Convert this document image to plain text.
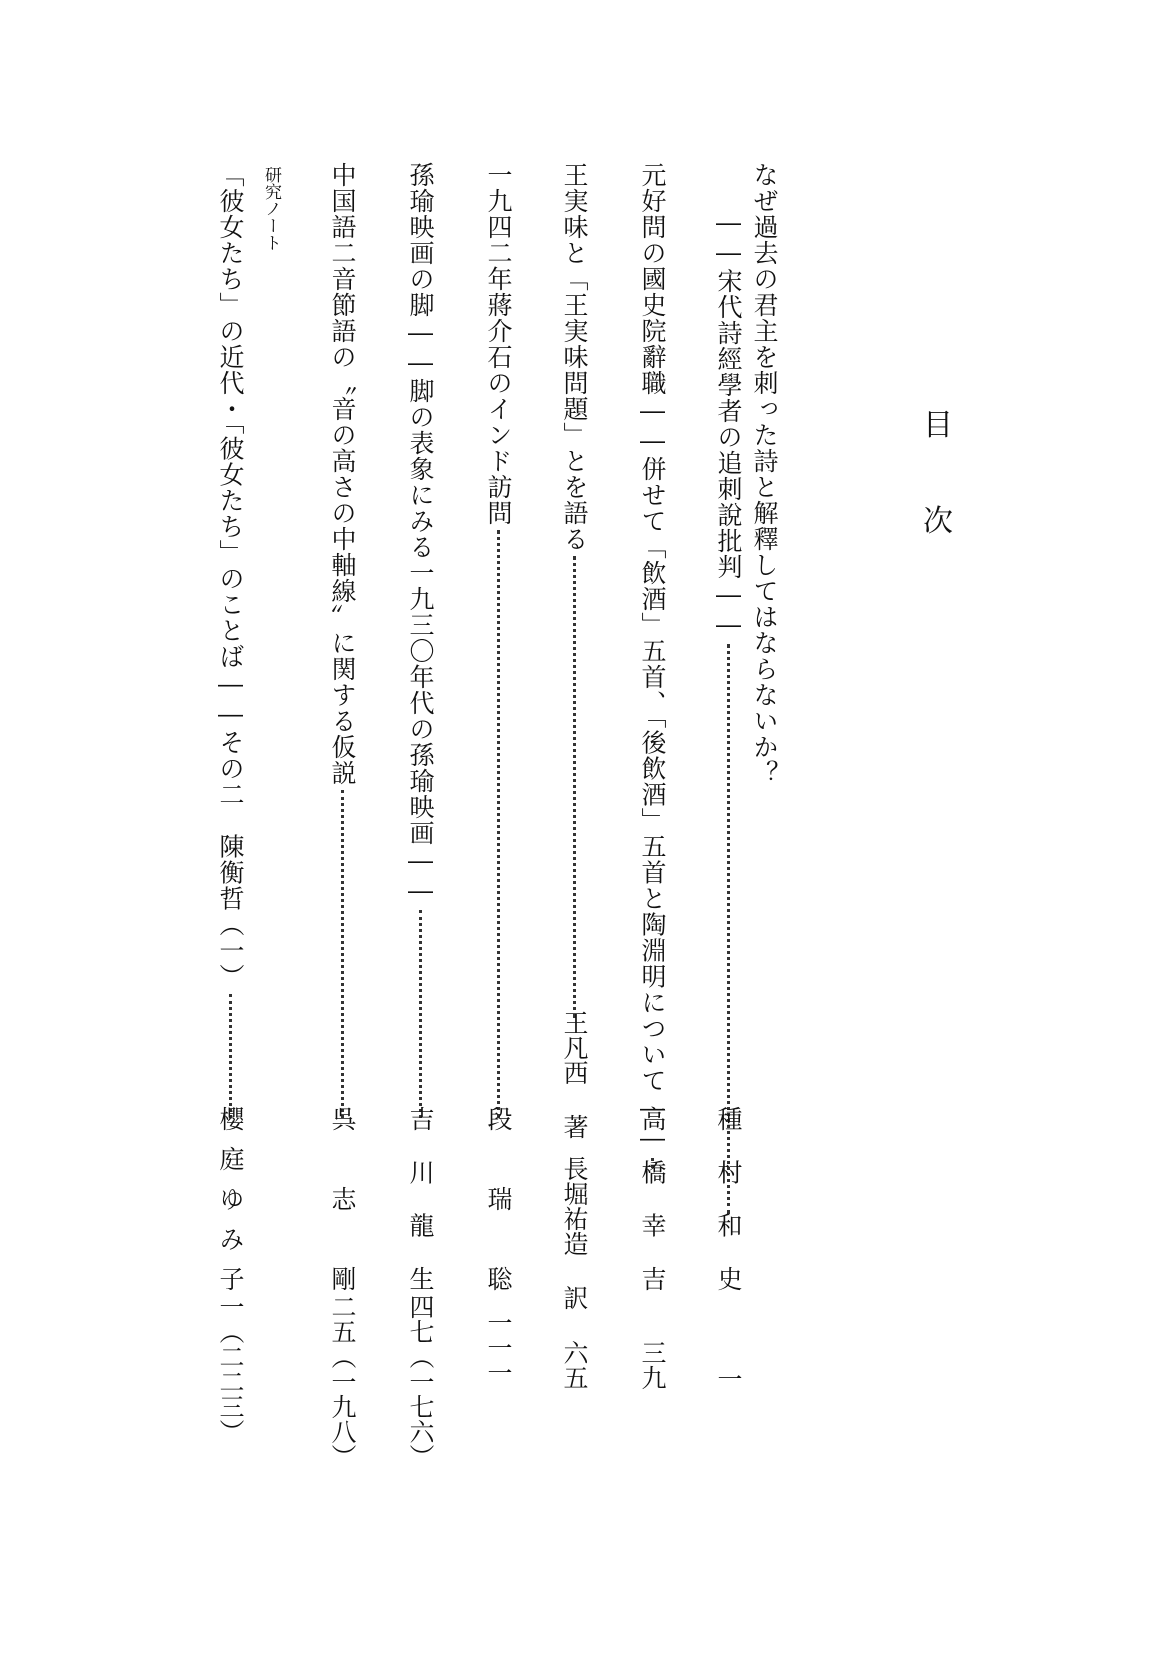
目
次
なぜ過去の君主を刺った詩と解釋してはならないか？
――宋代詩經學者の追刺說批判――
種村和史
一
元好問の國史院辭職――併せて「飲酒」五首、「後飲酒」五首と陶淵明について――
高橋幸吉
三九
王実味と「王実味問題」とを語る
王凡西 著
長堀祐造 訳
六五
一九四二年蔣介石のインド訪問
段瑞聡
一一一
孫瑜映画の脚――脚の表象にみる一九三〇年代の孫瑜映画――
吉川龍生
四七（一七六）
中国語二音節語の〝音の高さの中軸線〟に関する仮説
呉志剛
二五（一九八）
研究ノート
「彼女たち」の近代・「彼女たち」のことば――その二　陳衡哲（一）
櫻庭ゆみ子
一（二二三）
